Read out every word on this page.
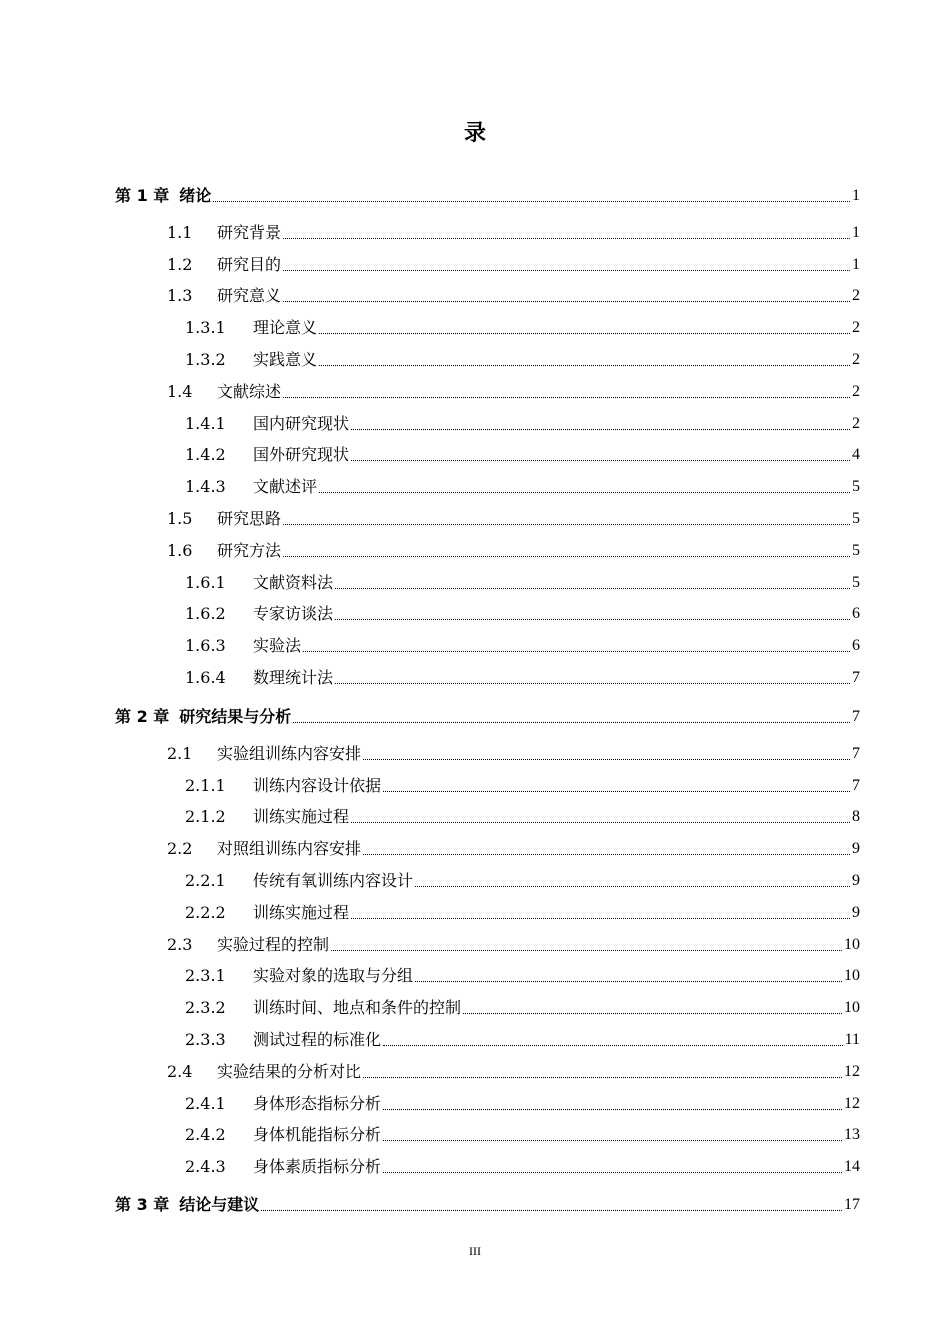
录
第 1 章 绪论	1
1.1	研究背景	1
1.2	研究目的	1
1.3	研究意义	2
1.3.1	理论意义	2
1.3.2	实践意义	2
1.4	文献综述	2
1.4.1	国内研究现状	2
1.4.2	国外研究现状	4
1.4.3	文献述评	5
1.5	研究思路	5
1.6	研究方法	5
1.6.1	文献资料法	5
1.6.2	专家访谈法	6
1.6.3	实验法	6
1.6.4	数理统计法	7
第 2 章 研究结果与分析	7
2.1	实验组训练内容安排	7
2.1.1	训练内容设计依据	7
2.1.2	训练实施过程	8
2.2	对照组训练内容安排	9
2.2.1	传统有氧训练内容设计	9
2.2.2	训练实施过程	9
2.3	实验过程的控制	10
2.3.1	实验对象的选取与分组	10
2.3.2	训练时间、地点和条件的控制	10
2.3.3	测试过程的标准化	11
2.4	实验结果的分析对比	12
2.4.1	身体形态指标分析	12
2.4.2	身体机能指标分析	13
2.4.3	身体素质指标分析	14
第 3 章 结论与建议	17
III
